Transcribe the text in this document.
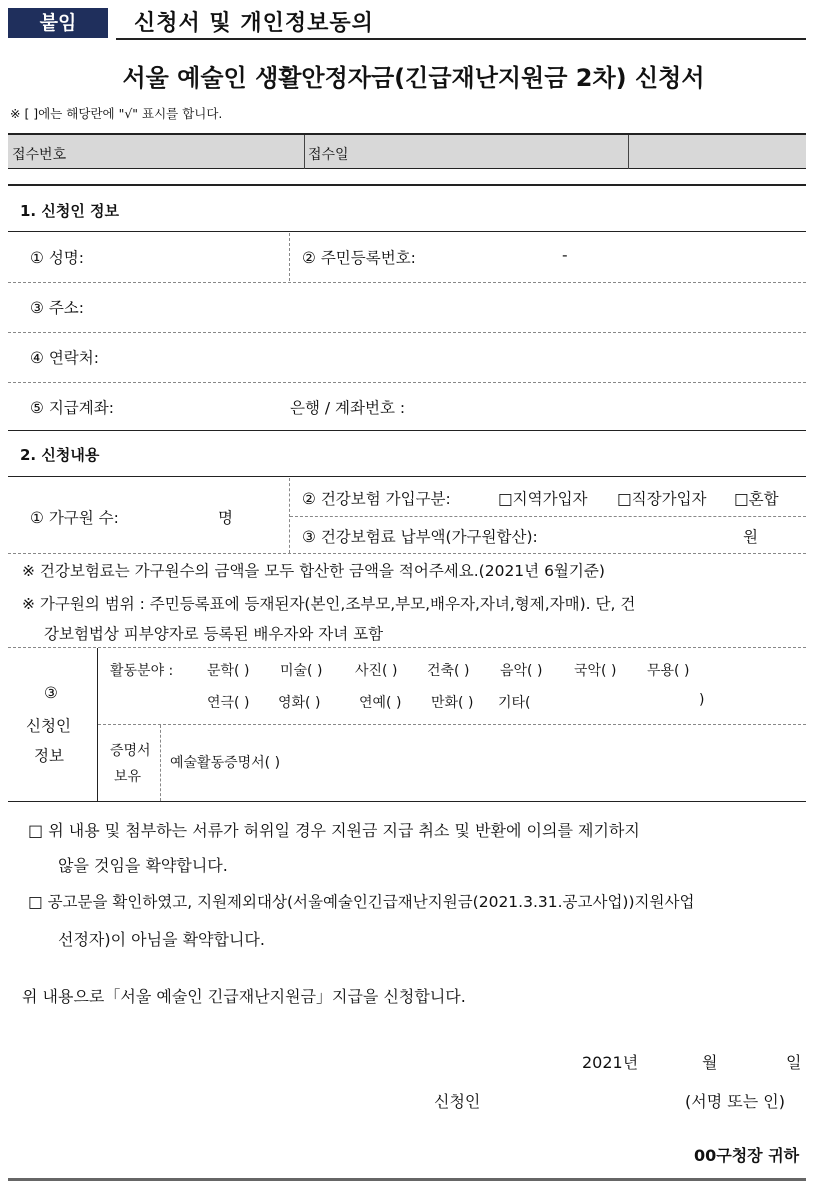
붙임	신청서 및 개인정보동의
서울 예술인 생활안정자금(긴급재난지원금 2차) 신청서
※ [ ]에는 해당란에 "√" 표시를 합니다.
접수번호	접수일
1. 신청인 정보
① 성명:	② 주민등록번호:	-
③ 주소:
④ 연락처:
⑤ 지급계좌:	은행 / 계좌번호 :
2. 신청내용
① 가구원 수:	명
② 건강보험 가입구분:	□지역가입자 □직장가입자 □혼합
③ 건강보험료 납부액(가구원합산):	원
※ 건강보험료는 가구원수의 금액을 모두 합산한 금액을 적어주세요.(2021년 6월기준)
※ 가구원의 범위 : 주민등록표에 등재된자(본인,조부모,부모,배우자,자녀,형제,자매). 단, 건
강보험법상 피부양자로 등록된 배우자와 자녀 포함
③
신청인
정보
활동분야 : 문학( ) 미술( ) 사진( ) 건축( ) 음악( ) 국악( ) 무용( )
연극( ) 영화( )	연예( ) 만화( ) 기타(	)
증명서
보유
예술활동증명서( )
□ 위 내용 및 첨부하는 서류가 허위일 경우 지원금 지급 취소 및 반환에 이의를 제기하지
않을 것임을 확약합니다.
□ 공고문을 확인하였고, 지원제외대상(서울예술인긴급재난지원금(2021.3.31.공고사업))지원사업
선정자)이 아님을 확약합니다.
위 내용으로「서울 예술인 긴급재난지원금」지급을 신청합니다.
2021년	월	일
신청인	(서명 또는 인)
00구청장 귀하
